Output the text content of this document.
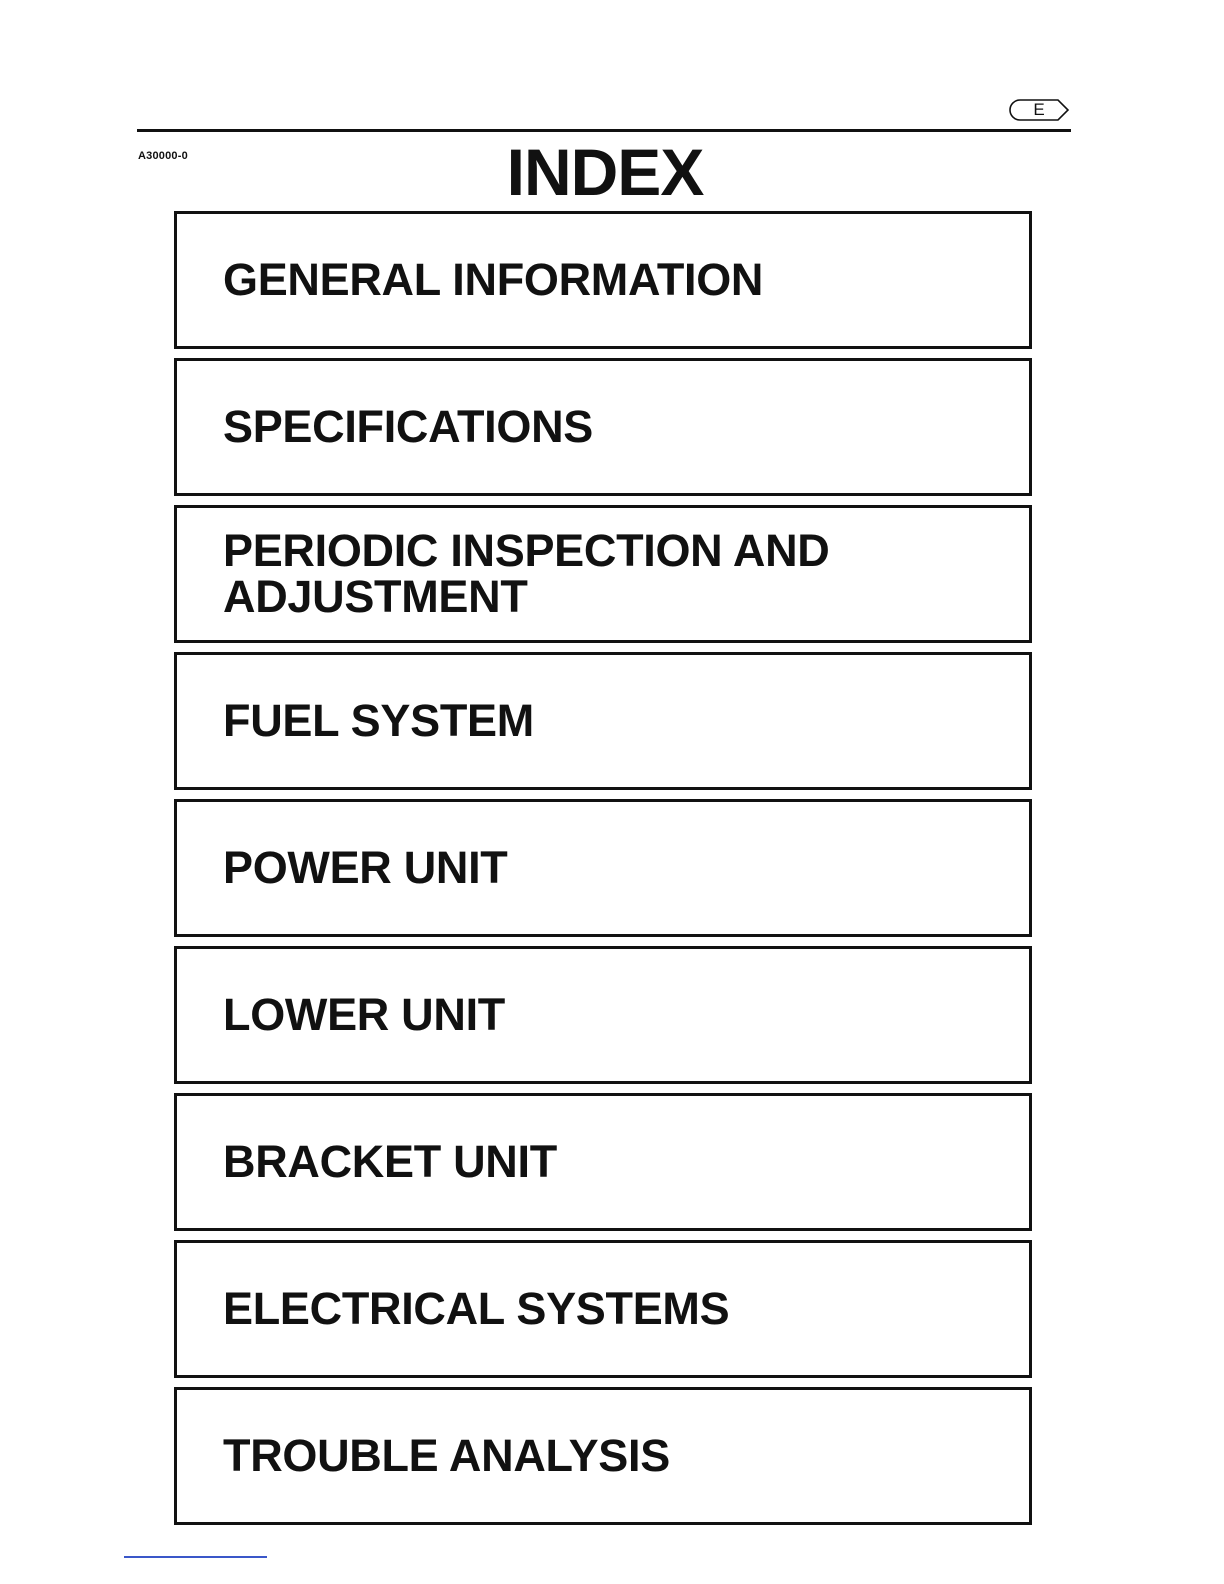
E
A30000-0	INDEX
GENERAL INFORMATION
SPECIFICATIONS
PERIODIC INSPECTION AND
ADJUSTMENT
FUEL SYSTEM
POWER UNIT
LOWER UNIT
BRACKET UNIT
ELECTRICAL SYSTEMS
TROUBLE ANALYSIS
